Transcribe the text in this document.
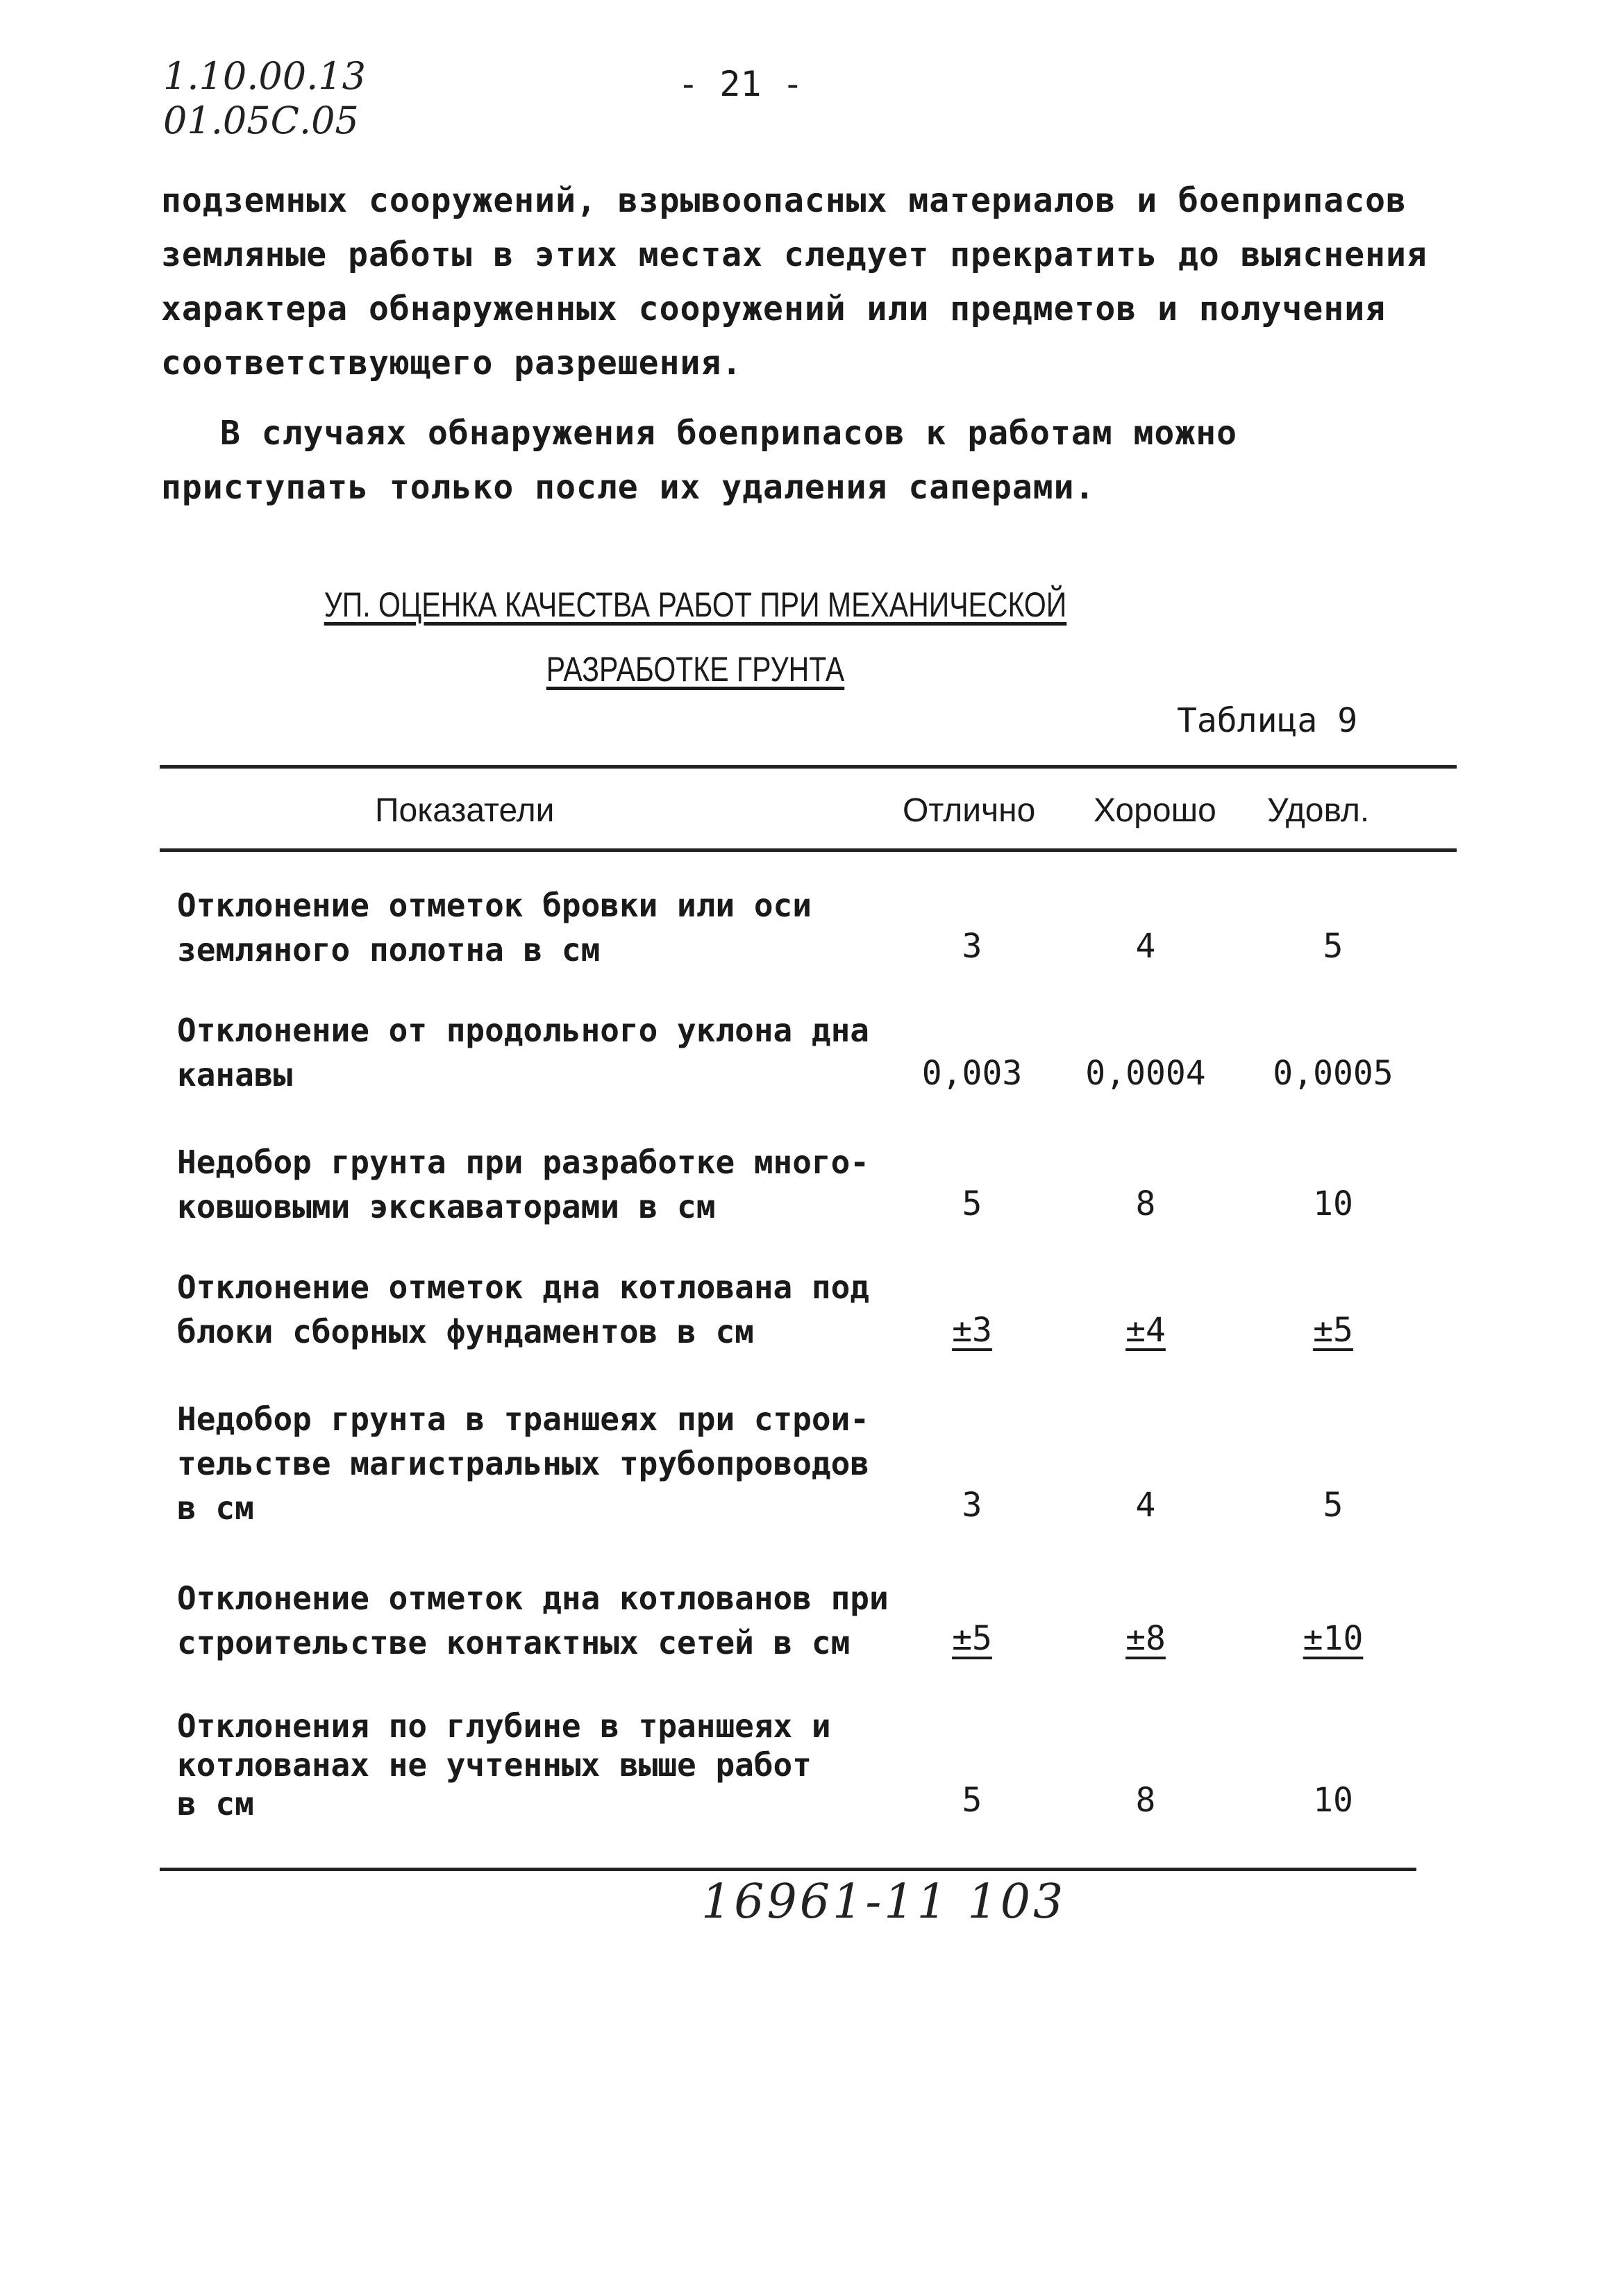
1.10.00.13
01.05С.05
- 21 -
подземных сооружений, взрывоопасных материалов и боеприпасов земляные работы в этих местах следует прекратить до выяснения характера обнаруженных сооружений или предметов и получения соответствующего разрешения.
В случаях обнаружения боеприпасов к работам можно приступать только после их удаления саперами.
УП. ОЦЕНКА КАЧЕСТВА РАБОТ ПРИ МЕХАНИЧЕСКОЙ
РАЗРАБОТКЕ ГРУНТА
Таблица 9
Показатели	Отлично Хорошо Удовл.
Отклонение отметок бровки или оси
земляного полотна в см	3	4	5
Отклонение от продольного уклона дна
канавы	0,003	0,0004	0,0005
Недобор грунта при разработке много-
ковшовыми экскаваторами в см	5	8	10
Отклонение отметок дна котлована под
блоки сборных фундаментов в см	±3	±4	±5
Недобор грунта в траншеях при строи-
тельстве магистральных трубопроводов
в см	3	4	5
Отклонение отметок дна котлованов при
строительстве контактных сетей в см	±5	±8	±10
Отклонения по глубине в траншеях и
котлованах не учтенных выше работ
в см	5	8	10
16961-11 103
